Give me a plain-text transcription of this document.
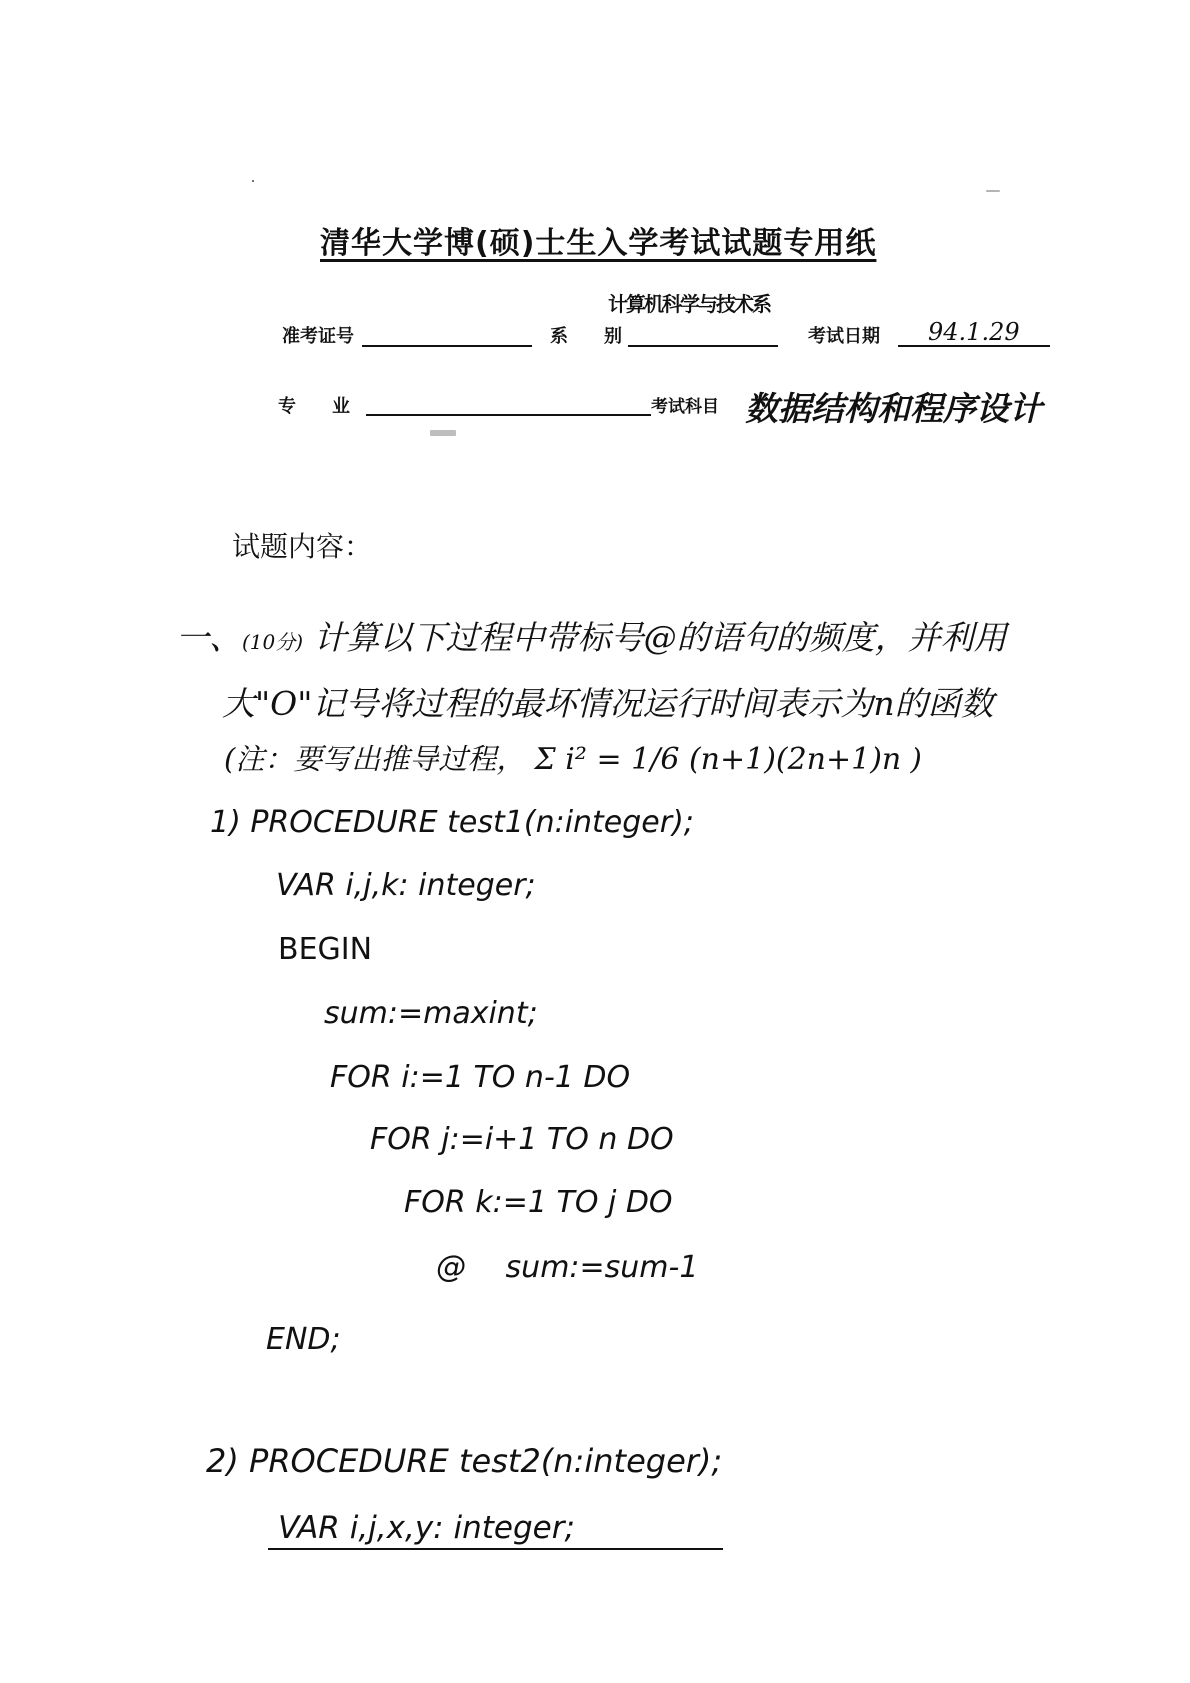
清华大学博(硕)士生入学考试试题专用纸
计算机科学与技术系
准考证号	系　　别	考试日期 94.1.29
专　　业	考试科目 数据结构和程序设计
试题内容：
一、(10分) 计算以下过程中带标号@的语句的频度，并利用
大"O"记号将过程的最坏情况运行时间表示为n的函数
(注：要写出推导过程， Σ i² = 1/6 (n+1)(2n+1)n )
1) PROCEDURE test1(n:integer);
VAR i,j,k: integer;
BEGIN
sum:=maxint;
FOR i:=1 TO n-1 DO
FOR j:=i+1 TO n DO
FOR k:=1 TO j DO
@ sum:=sum-1
END;
2) PROCEDURE test2(n:integer);
VAR i,j,x,y: integer;
